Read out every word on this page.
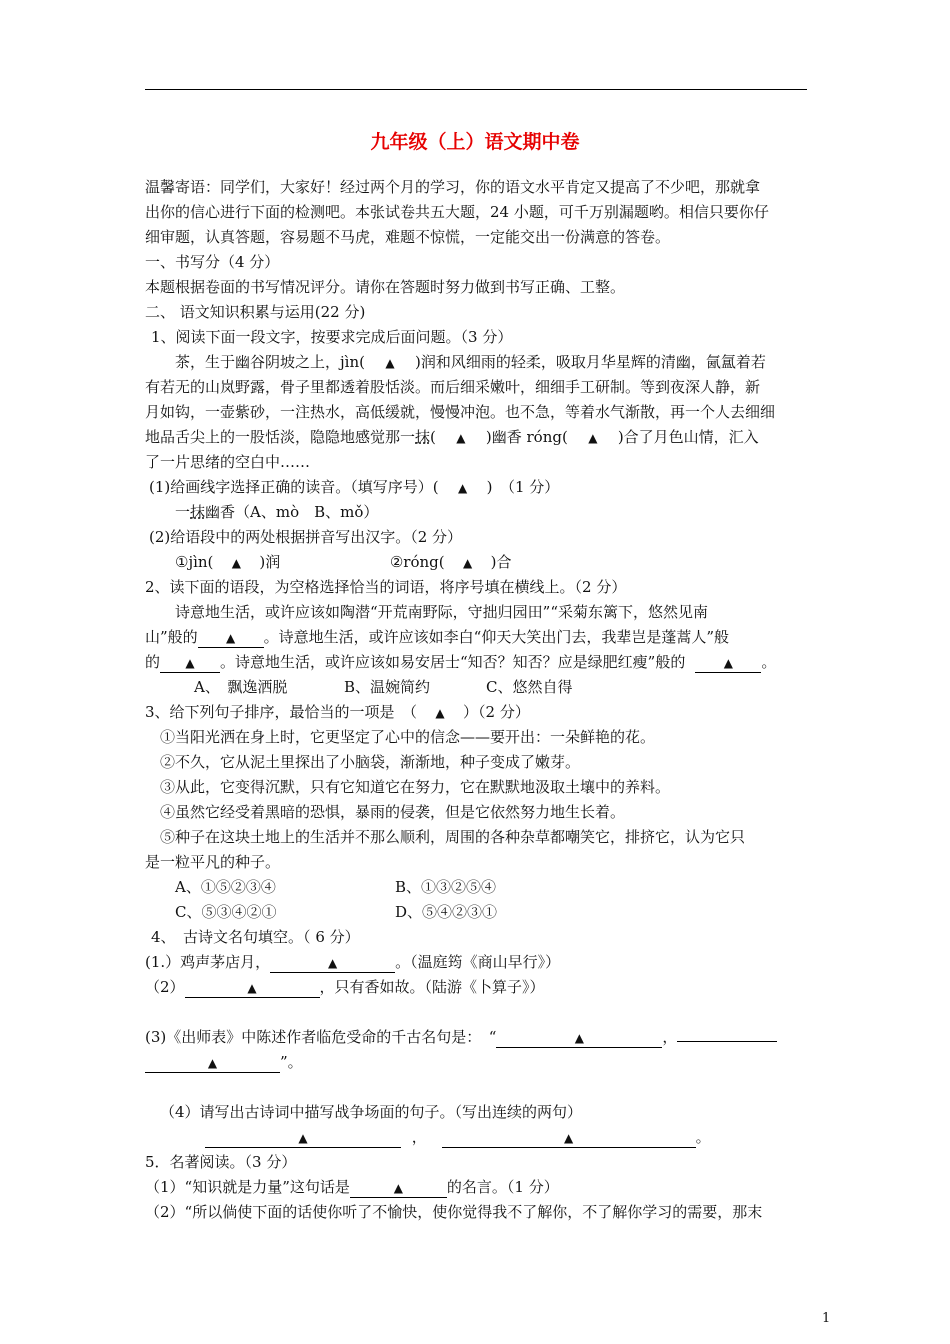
九年级（上）语文期中卷
温馨寄语：同学们，大家好！经过两个月的学习，你的语文水平肯定又提高了不少吧，那就拿
出你的信心进行下面的检测吧。本张试卷共五大题，24 小题，可千万别漏题哟。相信只要你仔
细审题，认真答题，容易题不马虎，难题不惊慌，一定能交出一份满意的答卷。
一、书写分（4 分）
本题根据卷面的书写情况评分。请你在答题时努力做到书写正确、工整。
二、 语文知识积累与运用(22 分)
1、阅读下面一段文字，按要求完成后面问题。（3 分）
茶，生于幽谷阴坡之上，jìn( ▲ )润和风细雨的轻柔，吸取月华星辉的清幽，氤氲着若
有若无的山岚野露，骨子里都透着股恬淡。而后细采嫩叶，细细手工研制。等到夜深人静，新
月如钩，一壶紫砂，一注热水，高低缓就，慢慢冲泡。也不急，等着水气渐散，再一个人去细细
地品舌尖上的一股恬淡，隐隐地感觉那一抹( ▲ )幽香 róng( ▲ )合了月色山情，汇入
了一片思绪的空白中……
(1)给画线字选择正确的读音。（填写序号）( ▲ )　（1 分）
一抹幽香（A、mò　B、mǒ）
(2)给语段中的两处根据拼音写出汉字。（2 分）
①jìn( ▲ )润	②róng( ▲ )合
2、读下面的语段，为空格选择恰当的词语，将序号填在横线上。（2 分）
诗意地生活，或许应该如陶潜“开荒南野际，守拙归园田”“采菊东篱下，悠然见南
山”般的 ▲ 。诗意地生活，或许应该如李白“仰天大笑出门去，我辈岂是蓬蒿人”般
的 ▲ 。诗意地生活，或许应该如易安居士“知否？知否？应是绿肥红瘦”般的	▲ 。
A、　飘逸洒脱	B、温婉简约	C、悠然自得
3、给下列句子排序，最恰当的一项是　（ ▲ ）（2 分）
①当阳光洒在身上时，它更坚定了心中的信念——要开出：一朵鲜艳的花。
②不久，它从泥土里探出了小脑袋，渐渐地，种子变成了嫩芽。
③从此，它变得沉默，只有它知道它在努力，它在默默地汲取土壤中的养料。
④虽然它经受着黑暗的恐惧，暴雨的侵袭，但是它依然努力地生长着。
⑤种子在这块土地上的生活并不那么顺利，周围的各种杂草都嘲笑它，排挤它，认为它只
是一粒平凡的种子。
A、①⑤②③④	B、①③②⑤④
C、⑤③④②①	D、⑤④②③①
4、　古诗文名句填空。（ 6 分）
(1.）鸡声茅店月，	▲	。（温庭筠《商山早行》）
（2）	▲	，只有香如故。（陆游《卜算子》）
(3)《出师表》中陈述作者临危受命的千古名句是：　“	▲	，
▲	”。
（4）请写出古诗词中描写战争场面的句子。（写出连续的两句）
▲	，	▲	。
5．名著阅读。（3 分）
（1）“知识就是力量”这句话是	▲	的名言。（1 分）
（2）“所以倘使下面的话使你听了不愉快，使你觉得我不了解你，不了解你学习的需要，那末
1
